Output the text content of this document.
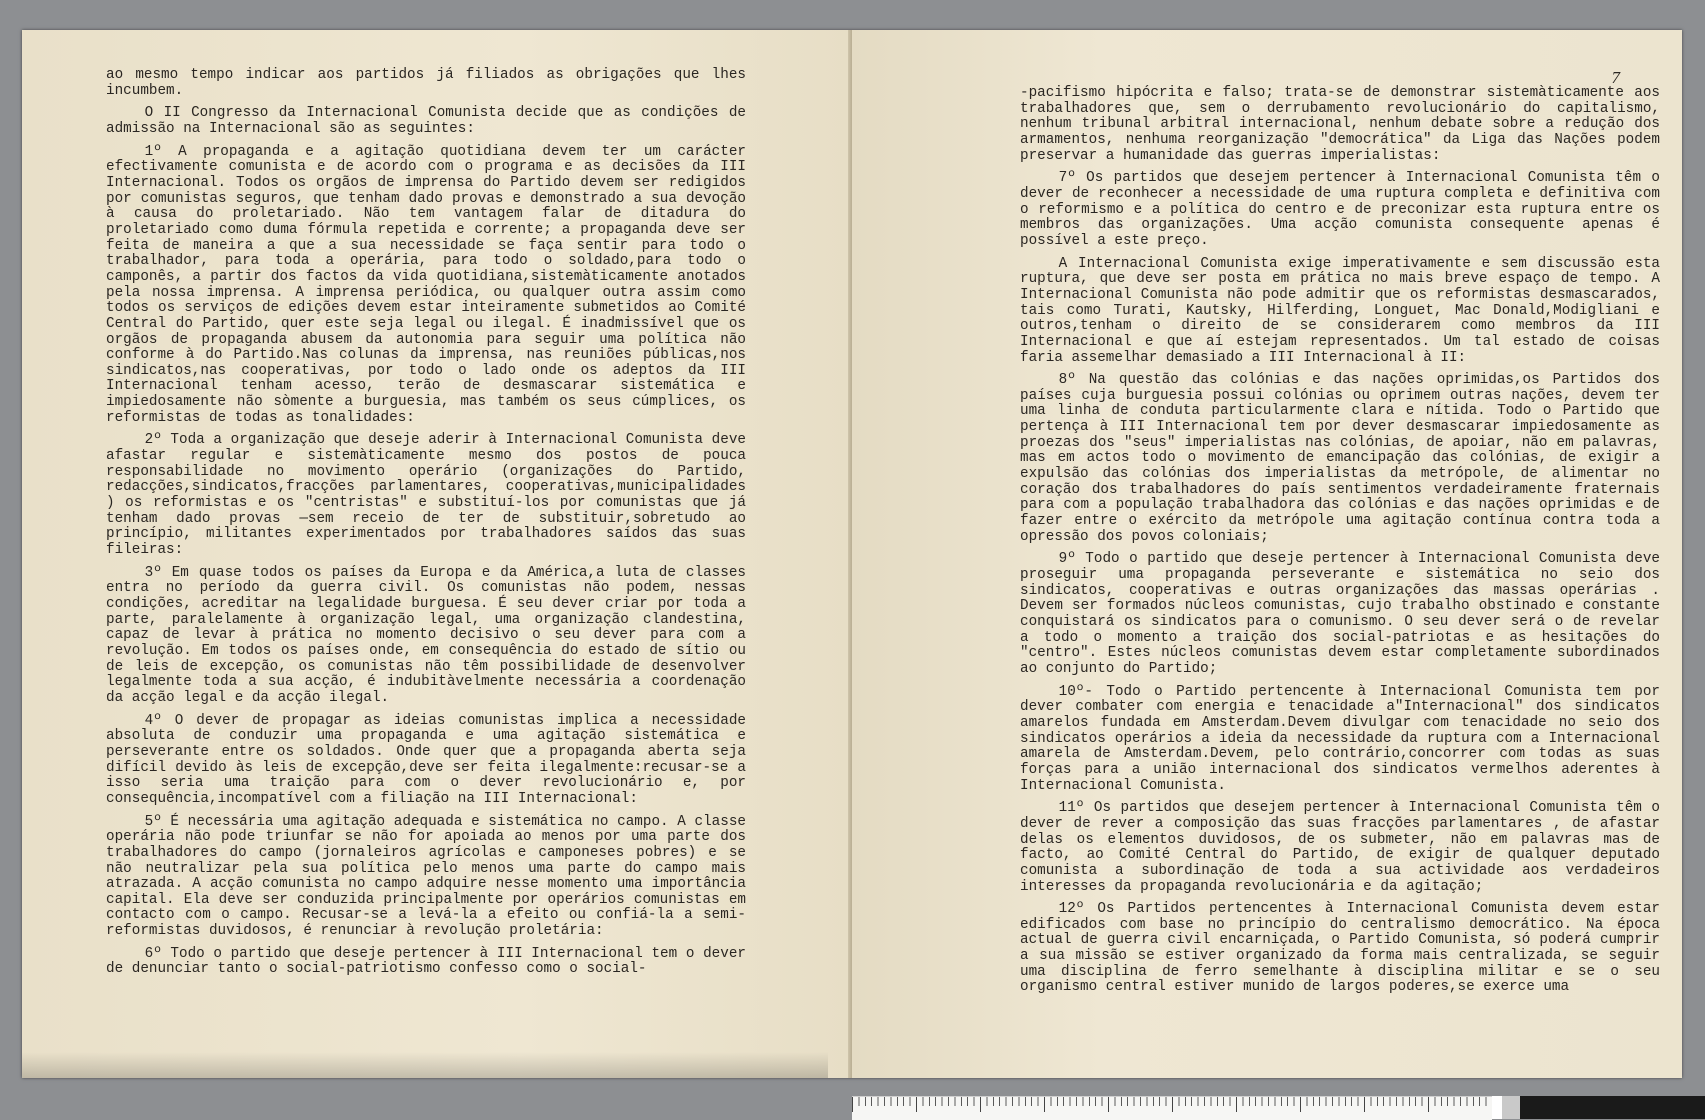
ao mesmo tempo indicar aos partidos já filiados as obrigações que lhes incumbem.

O II Congresso da Internacional Comunista decide que as condições de admissão na Internacional são as seguintes:

1º A propaganda e a agitação quotidiana devem ter um carácter efectivamente comunista e de acordo com o programa e as decisões da III Internacional. Todos os orgãos de imprensa do Partido devem ser redigidos por comunistas seguros, que tenham dado provas e demonstrado a sua devoção à causa do proletariado. Não tem vantagem falar de ditadura do proletariado como duma fórmula repetida e corrente; a propaganda deve ser feita de maneira a que a sua necessidade se faça sentir para todo o trabalhador, para toda a operária, para todo o soldado,para todo o camponês, a partir dos factos da vida quotidiana,sistemàticamente anotados pela nossa imprensa. A imprensa periódica, ou qualquer outra assim como todos os serviços de edições devem estar inteiramente submetidos ao Comité Central do Partido, quer este seja legal ou ilegal. É inadmissível que os orgãos de propaganda abusem da autonomia para seguir uma política não conforme à do Partido.Nas colunas da imprensa, nas reuniões públicas,nos sindicatos,nas cooperativas, por todo o lado onde os adeptos da III Internacional tenham acesso, terão de desmascarar sistemática e impiedosamente não sòmente a burguesia, mas também os seus cúmplices, os reformistas de todas as tonalidades:

2º Toda a organização que deseje aderir à Internacional Comunista deve afastar regular e sistemàticamente mesmo dos postos de pouca responsabilidade no movimento operário (organizações do Partido, redacções,sindicatos,fracções parlamentares, cooperativas,municipalidades ) os reformistas e os "centristas" e substituí-los por comunistas que já tenham dado provas —sem receio de ter de substituir,sobretudo ao princípio, militantes experimentados por trabalhadores saídos das suas fileiras:

3º Em quase todos os países da Europa e da América,a luta de classes entra no período da guerra civil. Os comunistas não podem, nessas condições, acreditar na legalidade burguesa. É seu dever criar por toda a parte, paralelamente à organização legal, uma organização clandestina, capaz de levar à prática no momento decisivo o seu dever para com a revolução. Em todos os países onde, em consequência do estado de sítio ou de leis de excepção, os comunistas não têm possibilidade de desenvolver legalmente toda a sua acção, é indubitàvelmente necessária a coordenação da acção legal e da acção ilegal.

4º O dever de propagar as ideias comunistas implica a necessidade absoluta de conduzir uma propaganda e uma agitação sistemática e perseverante entre os soldados. Onde quer que a propaganda aberta seja difícil devido às leis de excepção,deve ser feita ilegalmente:recusar-se a isso seria uma traição para com o dever revolucionário e, por consequência,incompatível com a filiação na III Internacional:

5º É necessária uma agitação adequada e sistemática no campo. A classe operária não pode triunfar se não for apoiada ao menos por uma parte dos trabalhadores do campo (jornaleiros agrícolas e camponeses pobres) e se não neutralizar pela sua política pelo menos uma parte do campo mais atrazada. A acção comunista no campo adquire nesse momento uma importância capital. Ela deve ser conduzida principalmente por operários comunistas em contacto com o campo. Recusar-se a levá-la a efeito ou confiá-la a semi-reformistas duvidosos, é renunciar à revolução proletária:

6º Todo o partido que deseje pertencer à III Internacional tem o dever de denunciar tanto o social-patriotismo confesso como o social-

7

-pacifismo hipócrita e falso; trata-se de demonstrar sistemàticamente aos trabalhadores que, sem o derrubamento revolucionário do capitalismo, nenhum tribunal arbitral internacional, nenhum debate sobre a redução dos armamentos, nenhuma reorganização "democrática" da Liga das Nações podem preservar a humanidade das guerras imperialistas:

7º Os partidos que desejem pertencer à Internacional Comunista têm o dever de reconhecer a necessidade de uma ruptura completa e definitiva com o reformismo e a política do centro e de preconizar esta ruptura entre os membros das organizações. Uma acção comunista consequente apenas é possível a este preço.

A Internacional Comunista exige imperativamente e sem discussão esta ruptura, que deve ser posta em prática no mais breve espaço de tempo. A Internacional Comunista não pode admitir que os reformistas desmascarados, tais como Turati, Kautsky, Hilferding, Longuet, Mac Donald,Modigliani e outros,tenham o direito de se considerarem como membros da III Internacional e que aí estejam representados. Um tal estado de coisas faria assemelhar demasiado a III Internacional à II:

8º Na questão das colónias e das nações oprimidas,os Partidos dos países cuja burguesia possui colónias ou oprimem outras nações, devem ter uma linha de conduta particularmente clara e nítida. Todo o Partido que pertença à III Internacional tem por dever desmascarar impiedosamente as proezas dos "seus" imperialistas nas colónias, de apoiar, não em palavras, mas em actos todo o movimento de emancipação das colónias, de exigir a expulsão das colónias dos imperialistas da metrópole, de alimentar no coração dos trabalhadores do país sentimentos verdadeiramente fraternais para com a população trabalhadora das colónias e das nações oprimidas e de fazer entre o exército da metrópole uma agitação contínua contra toda a opressão dos povos coloniais;

9º Todo o partido que deseje pertencer à Internacional Comunista deve proseguir uma propaganda perseverante e sistemática no seio dos sindicatos, cooperativas e outras organizações das massas operárias . Devem ser formados núcleos comunistas, cujo trabalho obstinado e constante conquistará os sindicatos para o comunismo. O seu dever será o de revelar a todo o momento a traição dos social-patriotas e as hesitações do "centro". Estes núcleos comunistas devem estar completamente subordinados ao conjunto do Partido;

10º- Todo o Partido pertencente à Internacional Comunista tem por dever combater com energia e tenacidade a"Internacional" dos sindicatos amarelos fundada em Amsterdam.Devem divulgar com tenacidade no seio dos sindicatos operários a ideia da necessidade da ruptura com a Internacional amarela de Amsterdam.Devem, pelo contrário,concorrer com todas as suas forças para a união internacional dos sindicatos vermelhos aderentes à Internacional Comunista.

11º Os partidos que desejem pertencer à Internacional Comunista têm o dever de rever a composição das suas fracções parlamentares , de afastar delas os elementos duvidosos, de os submeter, não em palavras mas de facto, ao Comité Central do Partido, de exigir de qualquer deputado comunista a subordinação de toda a sua actividade aos verdadeiros interesses da propaganda revolucionária e da agitação;

12º Os Partidos pertencentes à Internacional Comunista devem estar edificados com base no princípio do centralismo democrático. Na época actual de guerra civil encarniçada, o Partido Comunista, só poderá cumprir a sua missão se estiver organizado da forma mais centralizada, se seguir uma disciplina de ferro semelhante à disciplina militar e se o seu organismo central estiver munido de largos poderes,se exerce uma
